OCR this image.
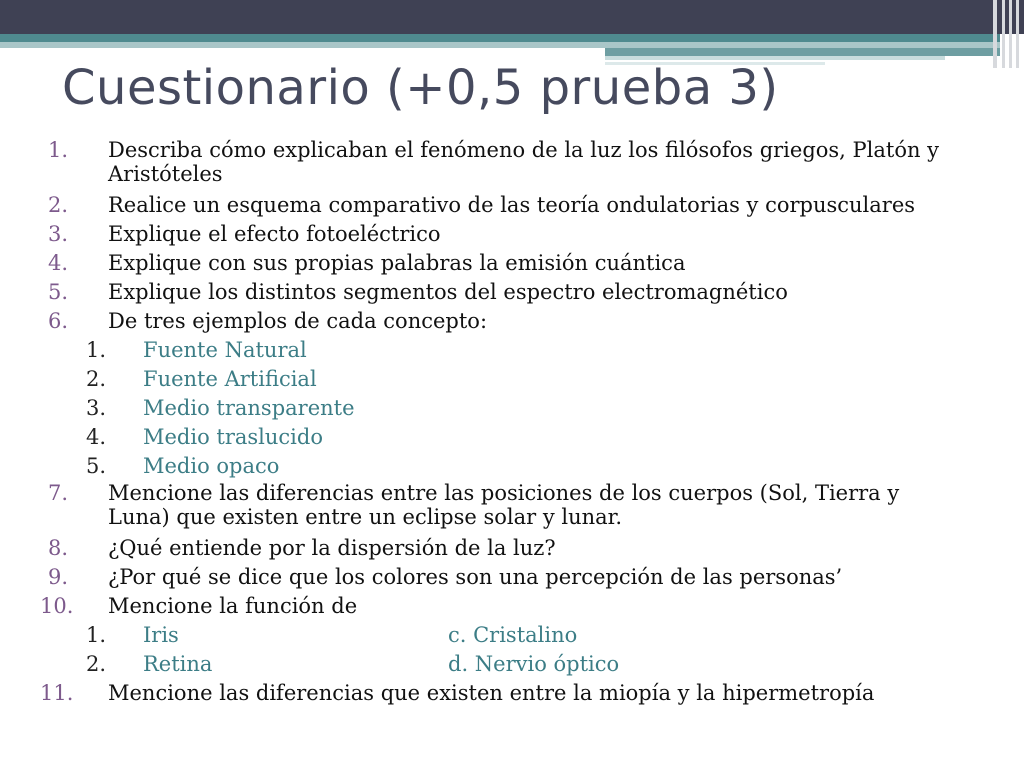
Cuestionario (+0,5 prueba 3)
1.	Describa cómo explicaban el fenómeno de la luz los filósofos griegos, Platón y
Aristóteles
2.	Realice un esquema comparativo de las teoría ondulatorias y corpusculares
3.	Explique el efecto fotoeléctrico
4.	Explique con sus propias palabras la emisión cuántica
5.	Explique los distintos segmentos del espectro electromagnético
6.	De tres ejemplos de cada concepto:
1. Fuente Natural
2. Fuente Artificial
3. Medio transparente
4. Medio traslucido
5. Medio opaco
7.	Mencione las diferencias entre las posiciones de los cuerpos (Sol, Tierra y
Luna) que existen entre un eclipse solar y lunar.
8.	¿Qué entiende por la dispersión de la luz?
9.	¿Por qué se dice que los colores son una percepción de las personas’
10.	Mencione la función de
1. Iris	c. Cristalino
2. Retina	d. Nervio óptico
11.	Mencione las diferencias que existen entre la miopía y la hipermetropía
